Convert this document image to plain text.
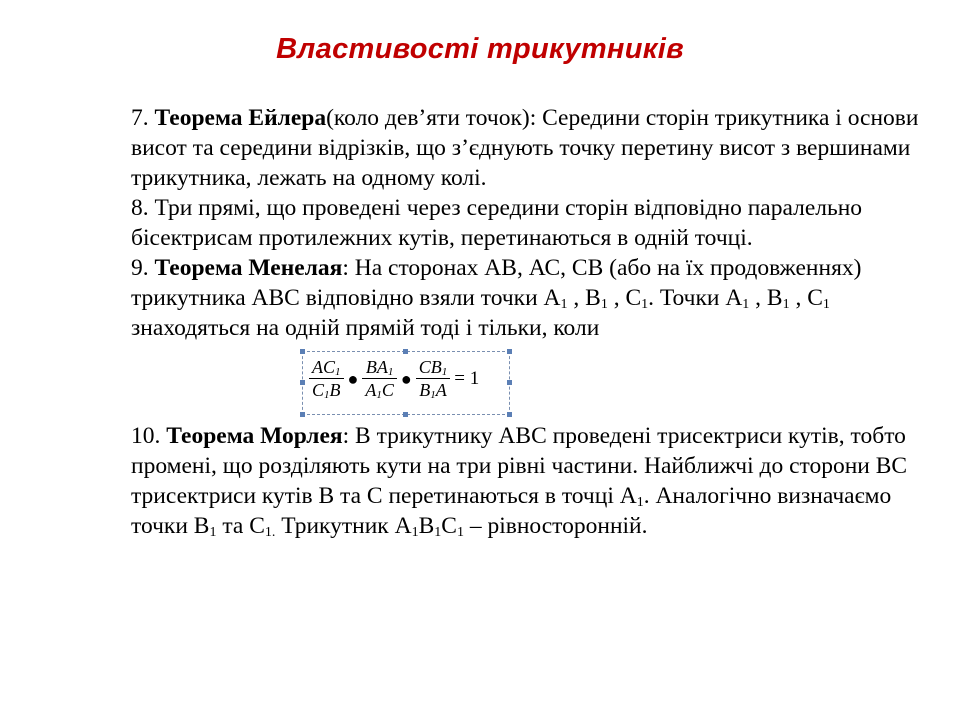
Властивості трикутників

7. Теорема Ейлера(коло дев’яти точок): Середини сторін трикутника і основи висот та середини відрізків, що з’єднують точку перетину висот з вершинами трикутника, лежать на одному колі.

8. Три прямі, що проведені через середини сторін відповідно паралельно бісектрисам протилежних кутів, перетинаються в одній точці.

9. Теорема Менелая: На сторонах АВ, АС, СВ (або на їх продовженнях) трикутника АВС відповідно взяли точки $А_1$ , $В_1$ , $С_1$. Точки $А_1$ , $В_1$ , $С_1$ знаходяться на одній прямій тоді і тільки, коли

$\frac{AC_1}{C_1B}$ ● $\frac{BA_1}{A_1C}$ ● $\frac{CB_1}{B_1A} = 1$

10. Теорема Морлея: В трикутнику АВС проведені трисектриси кутів, тобто промені, що розділяють кути на три рівні частини. Найближчі до сторони ВС трисектриси кутів В та С перетинаються в точці $А_1$. Аналогічно визначаємо точки $В_1$ та $С_{1.}$ Трикутник $А_1В_1С_1$ – рівносторонній.
